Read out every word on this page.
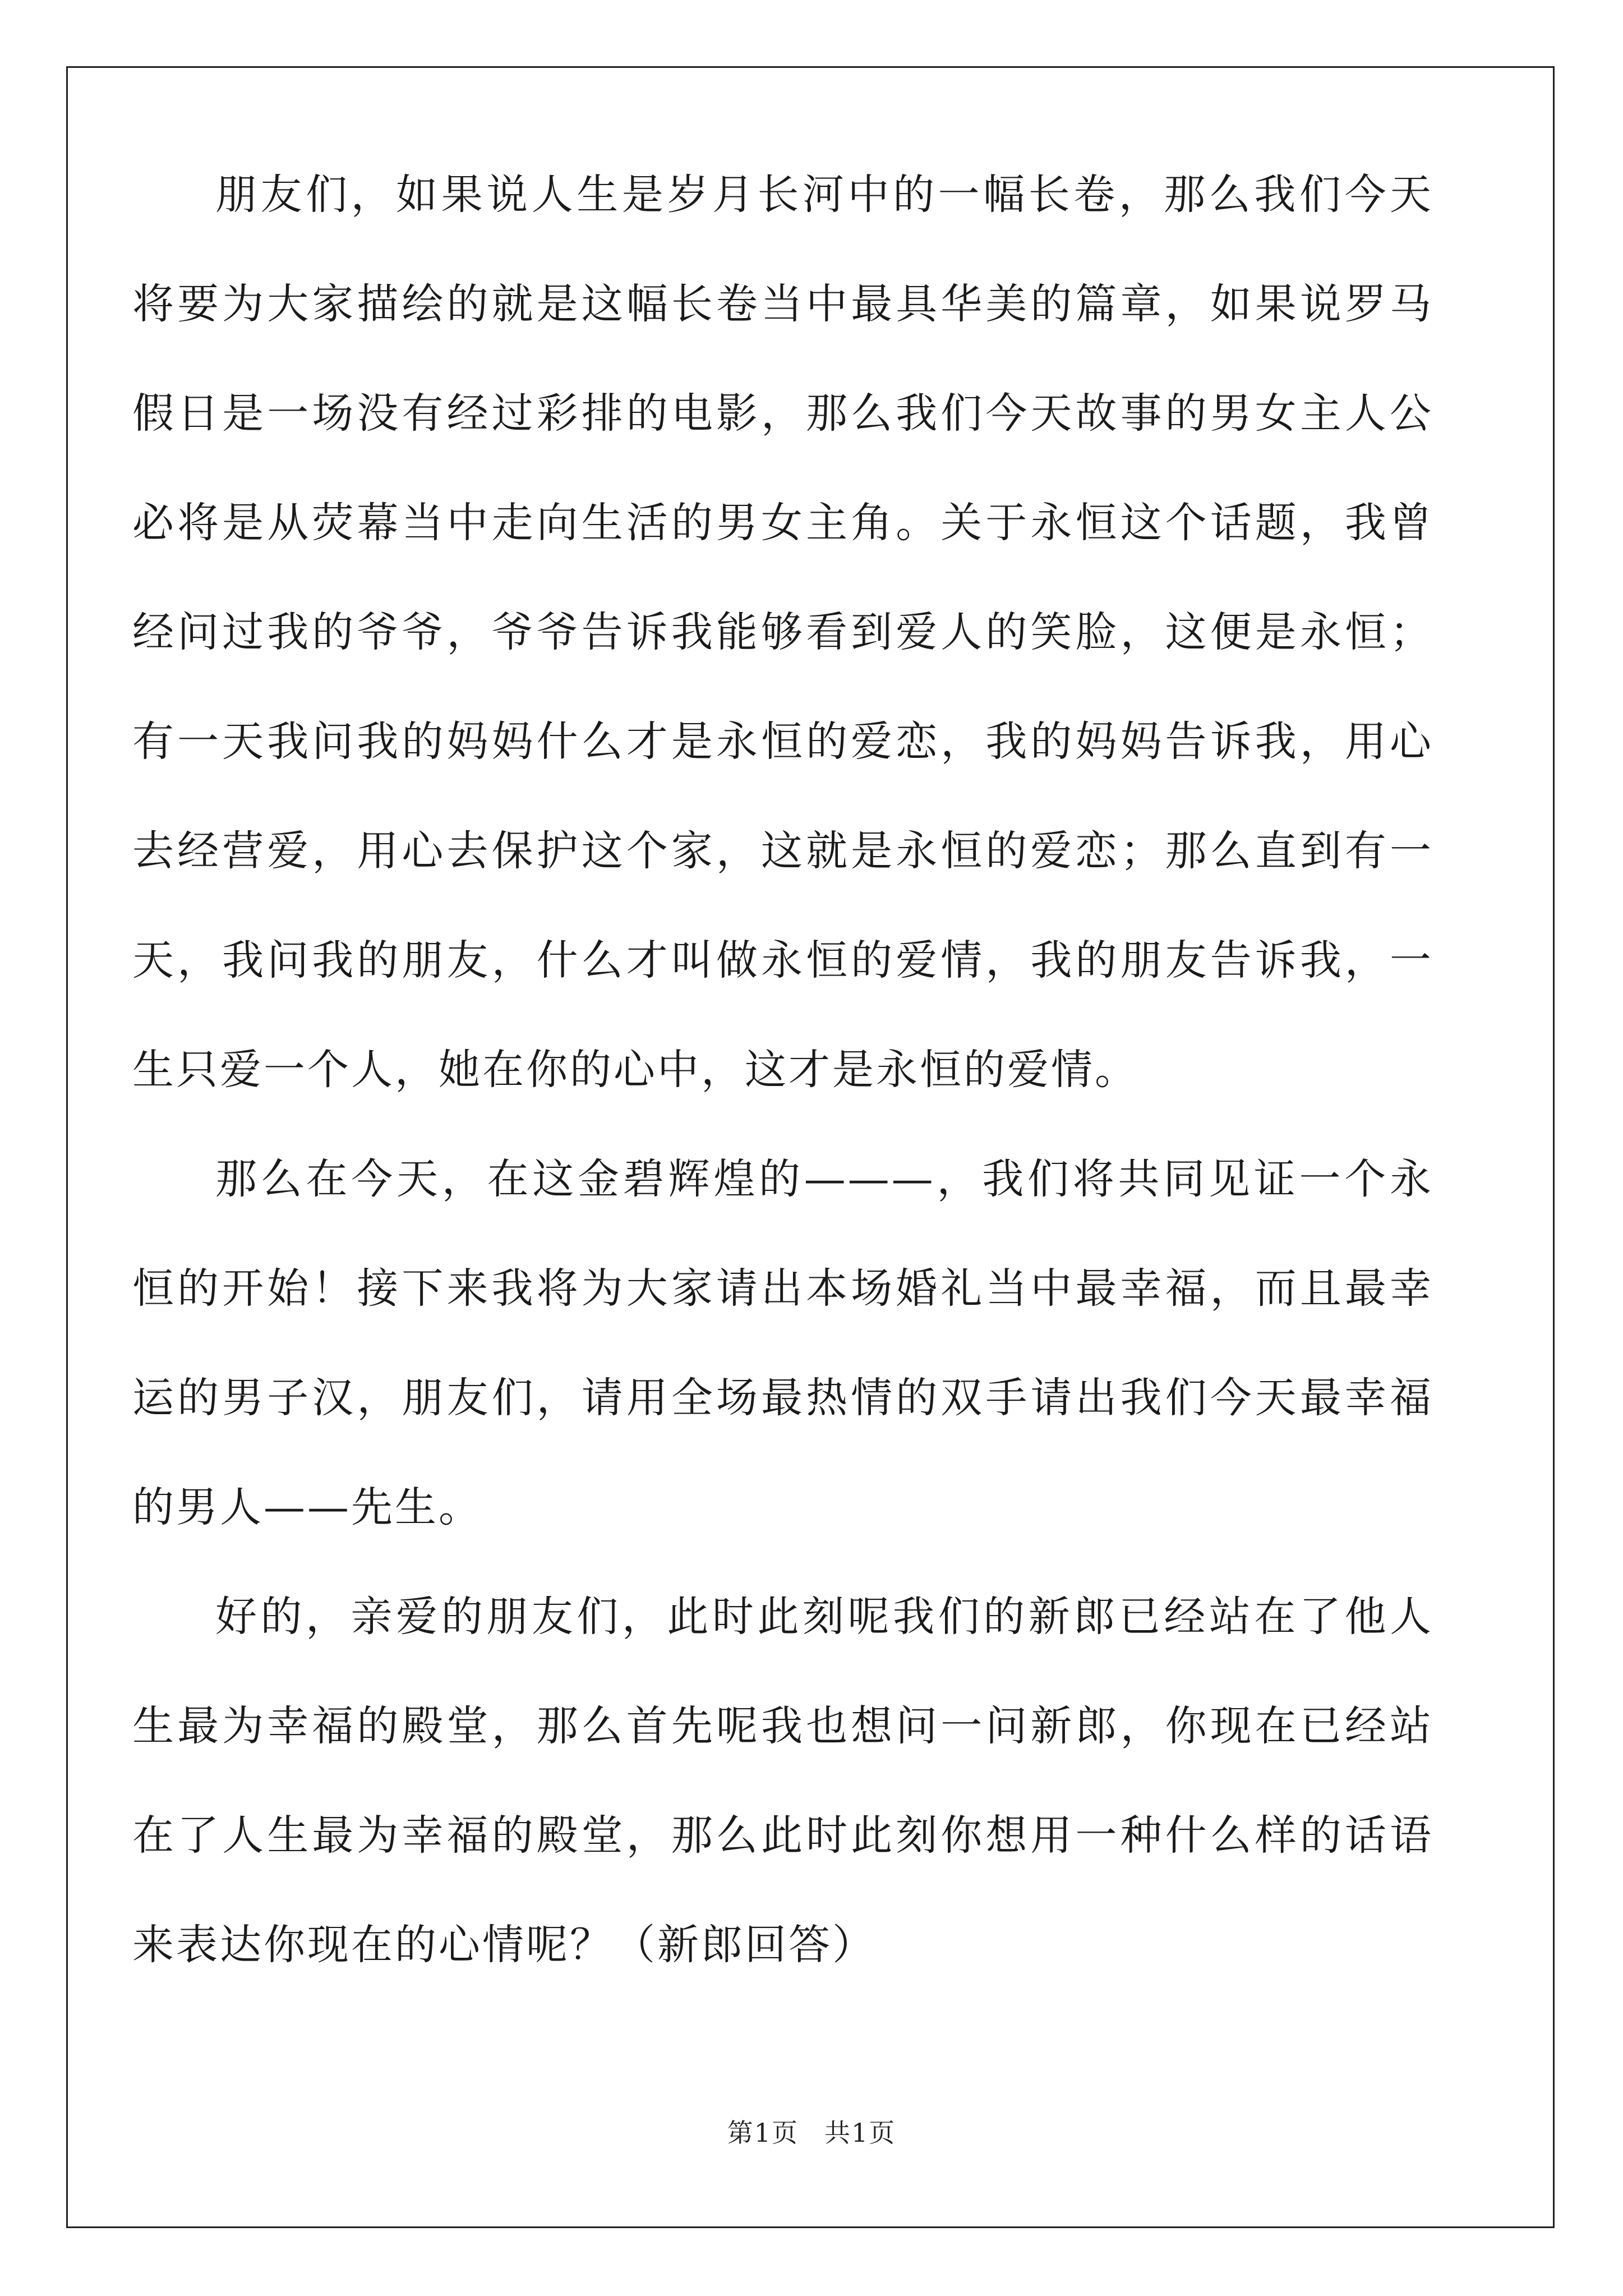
朋友们，如果说人生是岁月长河中的一幅长卷，那么我们今天将要为大家描绘的就是这幅长卷当中最具华美的篇章，如果说罗马假日是一场没有经过彩排的电影，那么我们今天故事的男女主人公必将是从荧幕当中走向生活的男女主角。关于永恒这个话题，我曾经问过我的爷爷，爷爷告诉我能够看到爱人的笑脸，这便是永恒；有一天我问我的妈妈什么才是永恒的爱恋，我的妈妈告诉我，用心去经营爱，用心去保护这个家，这就是永恒的爱恋；那么直到有一天，我问我的朋友，什么才叫做永恒的爱情，我的朋友告诉我，一生只爱一个人，她在你的心中，这才是永恒的爱情。

那么在今天，在这金碧辉煌的———，我们将共同见证一个永恒的开始！接下来我将为大家请出本场婚礼当中最幸福，而且最幸运的男子汉，朋友们，请用全场最热情的双手请出我们今天最幸福的男人——先生。

好的，亲爱的朋友们，此时此刻呢我们的新郎已经站在了他人生最为幸福的殿堂，那么首先呢我也想问一问新郎，你现在已经站在了人生最为幸福的殿堂，那么此时此刻你想用一种什么样的话语来表达你现在的心情呢？（新郎回答）

第1页 共1页
